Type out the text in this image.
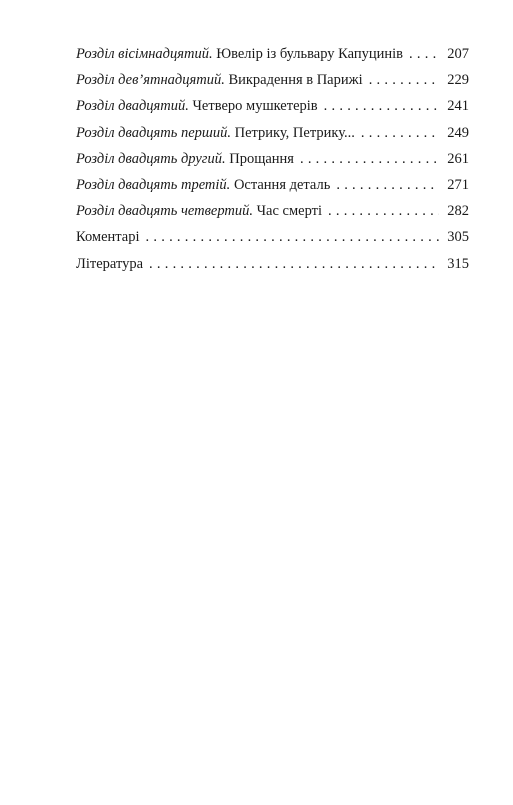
Розділ вісімнадцятий. Ювелір із бульвару Капуцинів . . .	207
Розділ дев’ятнадцятий. Викрадення в Парижі . . .	229
Розділ двадцятий. Четверо мушкетерів . . .	241
Розділ двадцять перший. Петрику, Петрику... . . .	249
Розділ двадцять другий. Прощання . . .	261
Розділ двадцять третій. Остання деталь . . .	271
Розділ двадцять четвертий. Час смерті . . .	282
Коментарі . . .	305
Література . . .	315
